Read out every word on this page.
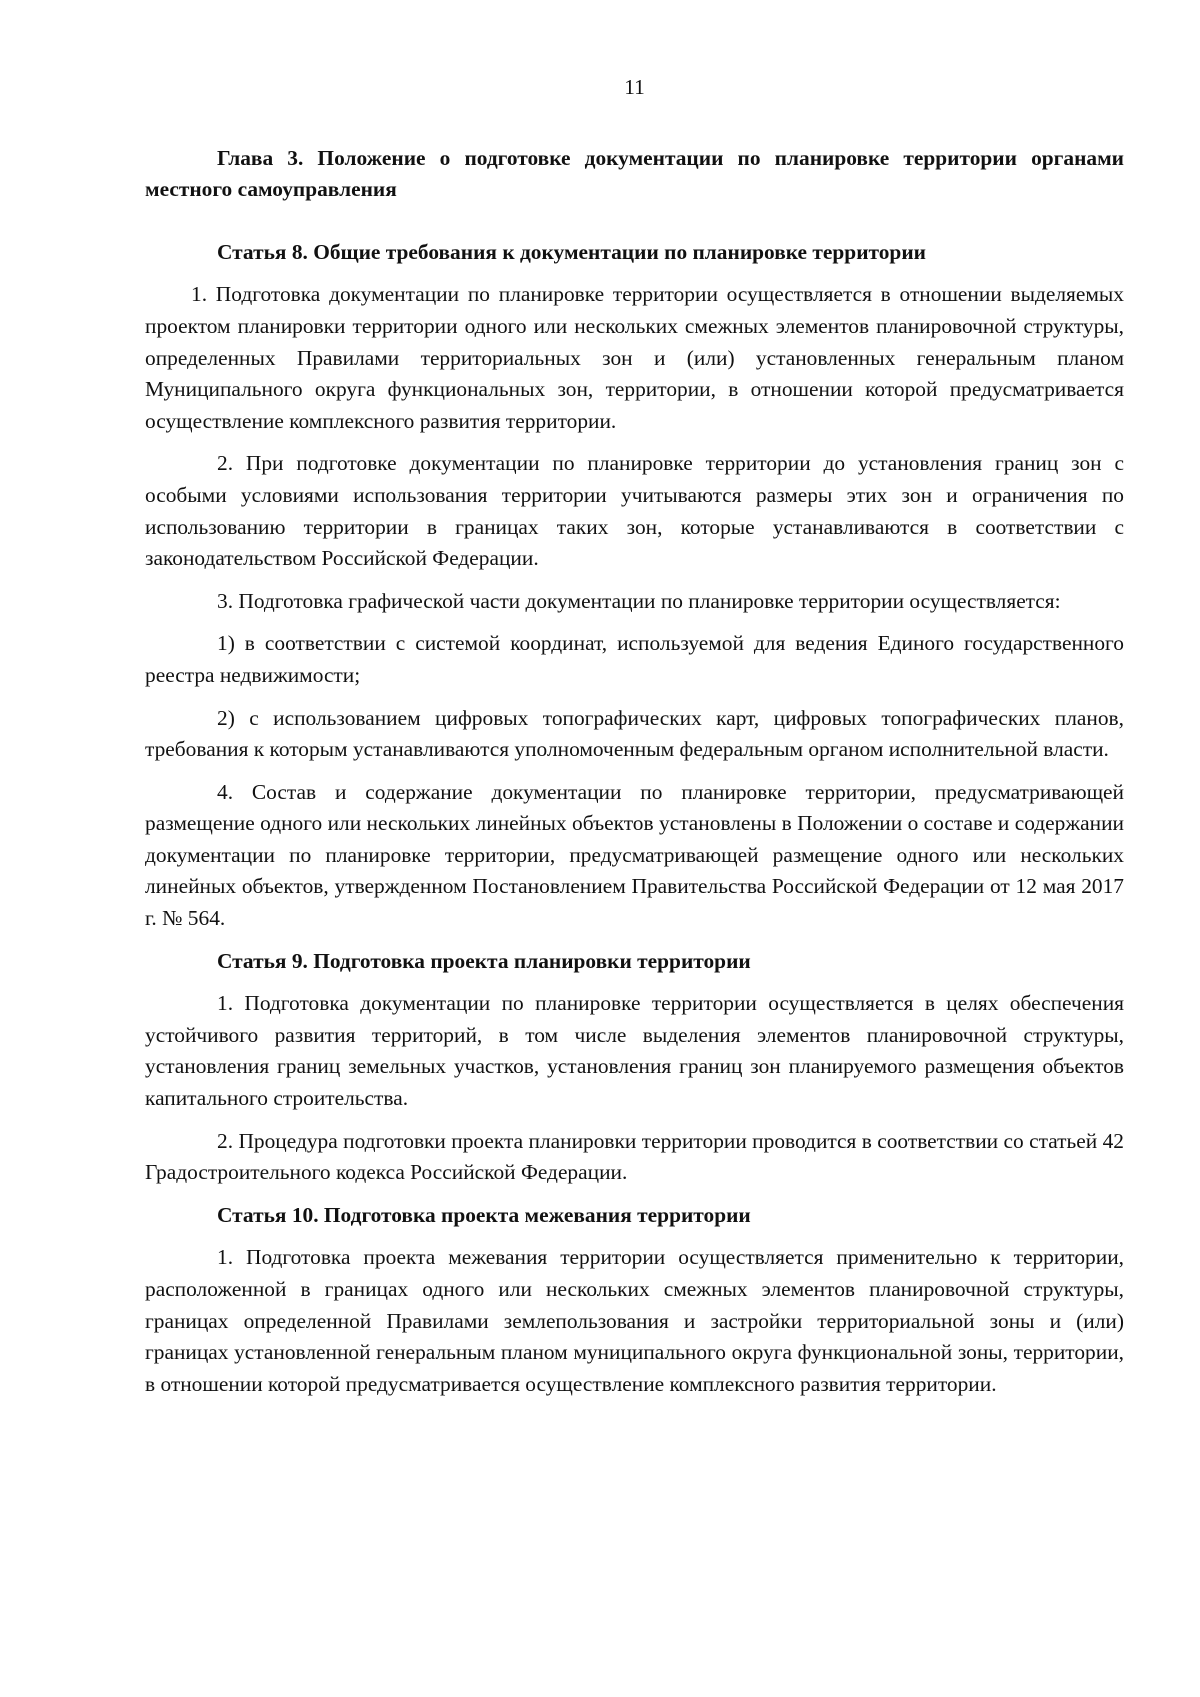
11
Глава 3. Положение о подготовке документации по планировке территории органами местного самоуправления
Статья 8. Общие требования к документации по планировке территории

1. Подготовка документации по планировке территории осуществляется в отношении выделяемых проектом планировки территории одного или нескольких смежных элементов планировочной структуры, определенных Правилами территориальных зон и (или) установленных генеральным планом Муниципального округа функциональных зон, территории, в отношении которой предусматривается осуществление комплексного развития территории.

2. При подготовке документации по планировке территории до установления границ зон с особыми условиями использования территории учитываются размеры этих зон и ограничения по использованию территории в границах таких зон, которые устанавливаются в соответствии с законодательством Российской Федерации.

3. Подготовка графической части документации по планировке территории осуществляется:

1) в соответствии с системой координат, используемой для ведения Единого государственного реестра недвижимости;

2) с использованием цифровых топографических карт, цифровых топографических планов, требования к которым устанавливаются уполномоченным федеральным органом исполнительной власти.

4. Состав и содержание документации по планировке территории, предусматривающей размещение одного или нескольких линейных объектов установлены в Положении о составе и содержании документации по планировке территории, предусматривающей размещение одного или нескольких линейных объектов, утвержденном Постановлением Правительства Российской Федерации от 12 мая 2017 г. № 564.

Статья 9. Подготовка проекта планировки территории

1. Подготовка документации по планировке территории осуществляется в целях обеспечения устойчивого развития территорий, в том числе выделения элементов планировочной структуры, установления границ земельных участков, установления границ зон планируемого размещения объектов капитального строительства.

2. Процедура подготовки проекта планировки территории проводится в соответствии со статьей 42 Градостроительного кодекса Российской Федерации.

Статья 10. Подготовка проекта межевания территории

1. Подготовка проекта межевания территории осуществляется применительно к территории, расположенной в границах одного или нескольких смежных элементов планировочной структуры, границах определенной Правилами землепользования и застройки территориальной зоны и (или) границах установленной генеральным планом муниципального округа функциональной зоны, территории, в отношении которой предусматривается осуществление комплексного развития территории.
